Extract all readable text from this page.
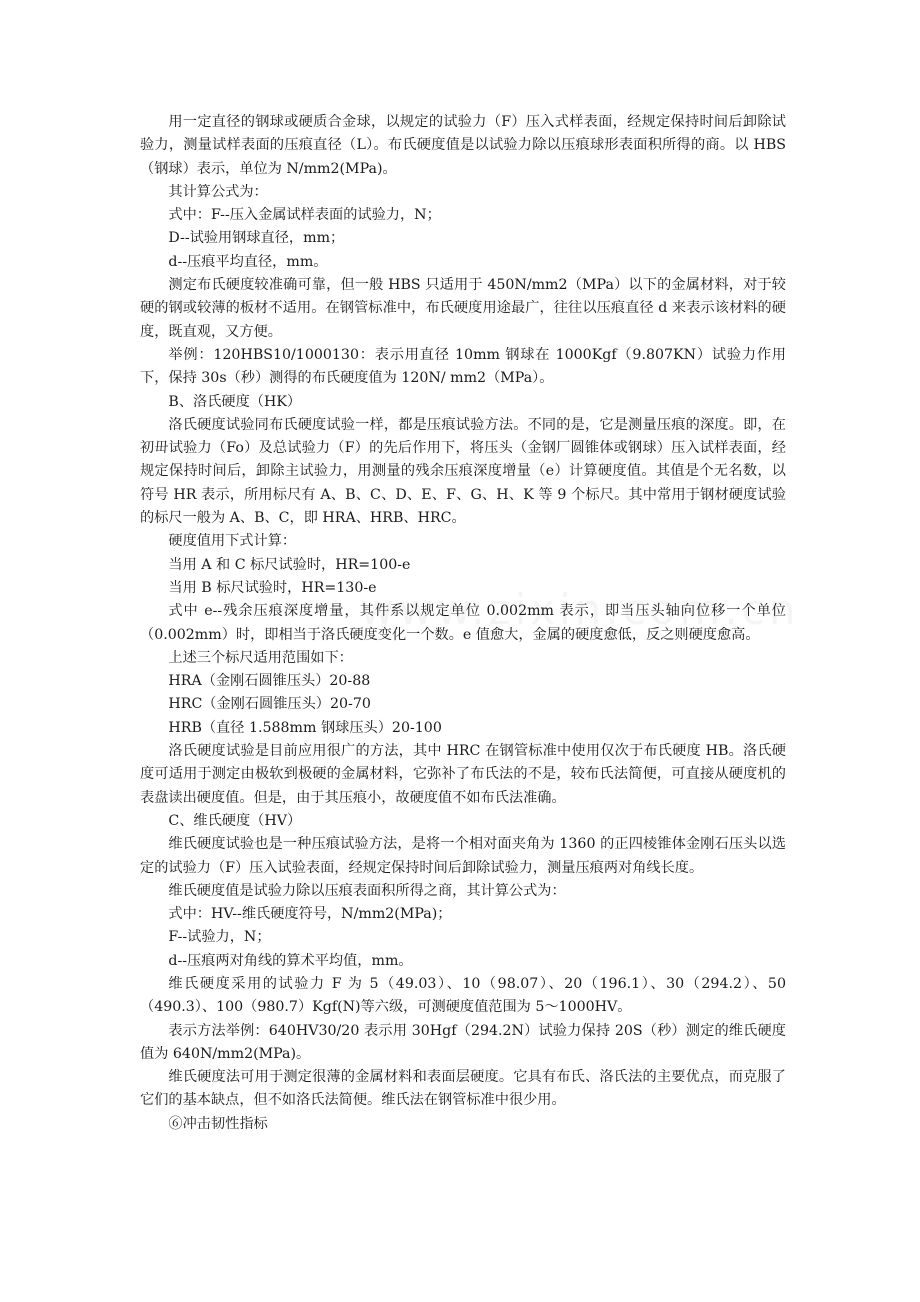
用一定直径的钢球或硬质合金球，以规定的试验力（F）压入式样表面，经规定保持时间后卸除试验力，测量试样表面的压痕直径（L）。布氏硬度值是以试验力除以压痕球形表面积所得的商。以 HBS（钢球）表示，单位为 N/mm2(MPa)。

其计算公式为：

式中：F--压入金属试样表面的试验力，N；

D--试验用钢球直径，mm；

d--压痕平均直径，mm。

测定布氏硬度较准确可靠，但一般 HBS 只适用于 450N/mm2（MPa）以下的金属材料，对于较硬的钢或较薄的板材不适用。在钢管标准中，布氏硬度用途最广，往往以压痕直径 d 来表示该材料的硬度，既直观，又方便。

举例：120HBS10/1000130：表示用直径 10mm 钢球在 1000Kgf（9.807KN）试验力作用下，保持 30s（秒）测得的布氏硬度值为 120N/ mm2（MPa）。

B、洛氏硬度（HK）

洛氏硬度试验同布氏硬度试验一样，都是压痕试验方法。不同的是，它是测量压痕的深度。即，在初毌试验力（Fo）及总试验力（F）的先后作用下，将压头（金钢厂圆锥体或钢球）压入试样表面，经规定保持时间后，卸除主试验力，用测量的残余压痕深度增量（e）计算硬度值。其值是个无名数，以符号 HR 表示，所用标尺有 A、B、C、D、E、F、G、H、K 等 9 个标尺。其中常用于钢材硬度试验的标尺一般为 A、B、C，即 HRA、HRB、HRC。

硬度值用下式计算：

当用 A 和 C 标尺试验时，HR=100-e

当用 B 标尺试验时，HR=130-e

式中 e--残余压痕深度增量，其件系以规定单位 0.002mm 表示，即当压头轴向位移一个单位（0.002mm）时，即相当于洛氏硬度变化一个数。e 值愈大，金属的硬度愈低，反之则硬度愈高。

上述三个标尺适用范围如下：

HRA（金刚石圆锥压头）20-88

HRC（金刚石圆锥压头）20-70

HRB（直径 1.588mm 钢球压头）20-100

洛氏硬度试验是目前应用很广的方法，其中 HRC 在钢管标准中使用仅次于布氏硬度 HB。洛氏硬度可适用于测定由极软到极硬的金属材料，它弥补了布氏法的不是，较布氏法简便，可直接从硬度机的表盘读出硬度值。但是，由于其压痕小，故硬度值不如布氏法准确。

C、维氏硬度（HV）

维氏硬度试验也是一种压痕试验方法，是将一个相对面夹角为 1360 的正四棱锥体金刚石压头以选定的试验力（F）压入试验表面，经规定保持时间后卸除试验力，测量压痕两对角线长度。

维氏硬度值是试验力除以压痕表面积所得之商，其计算公式为：

式中：HV--维氏硬度符号，N/mm2(MPa)；

F--试验力，N；

d--压痕两对角线的算术平均值，mm。

维氏硬度采用的试验力 F 为 5（49.03）、10（98.07）、20（196.1）、30（294.2）、50（490.3）、100（980.7）Kgf(N)等六级，可测硬度值范围为 5～1000HV。

表示方法举例：640HV30/20 表示用 30Hgf（294.2N）试验力保持 20S（秒）测定的维氏硬度值为 640N/mm2(MPa)。

维氏硬度法可用于测定很薄的金属材料和表面层硬度。它具有布氏、洛氏法的主要优点，而克服了它们的基本缺点，但不如洛氏法简便。维氏法在钢管标准中很少用。

⑥冲击韧性指标
